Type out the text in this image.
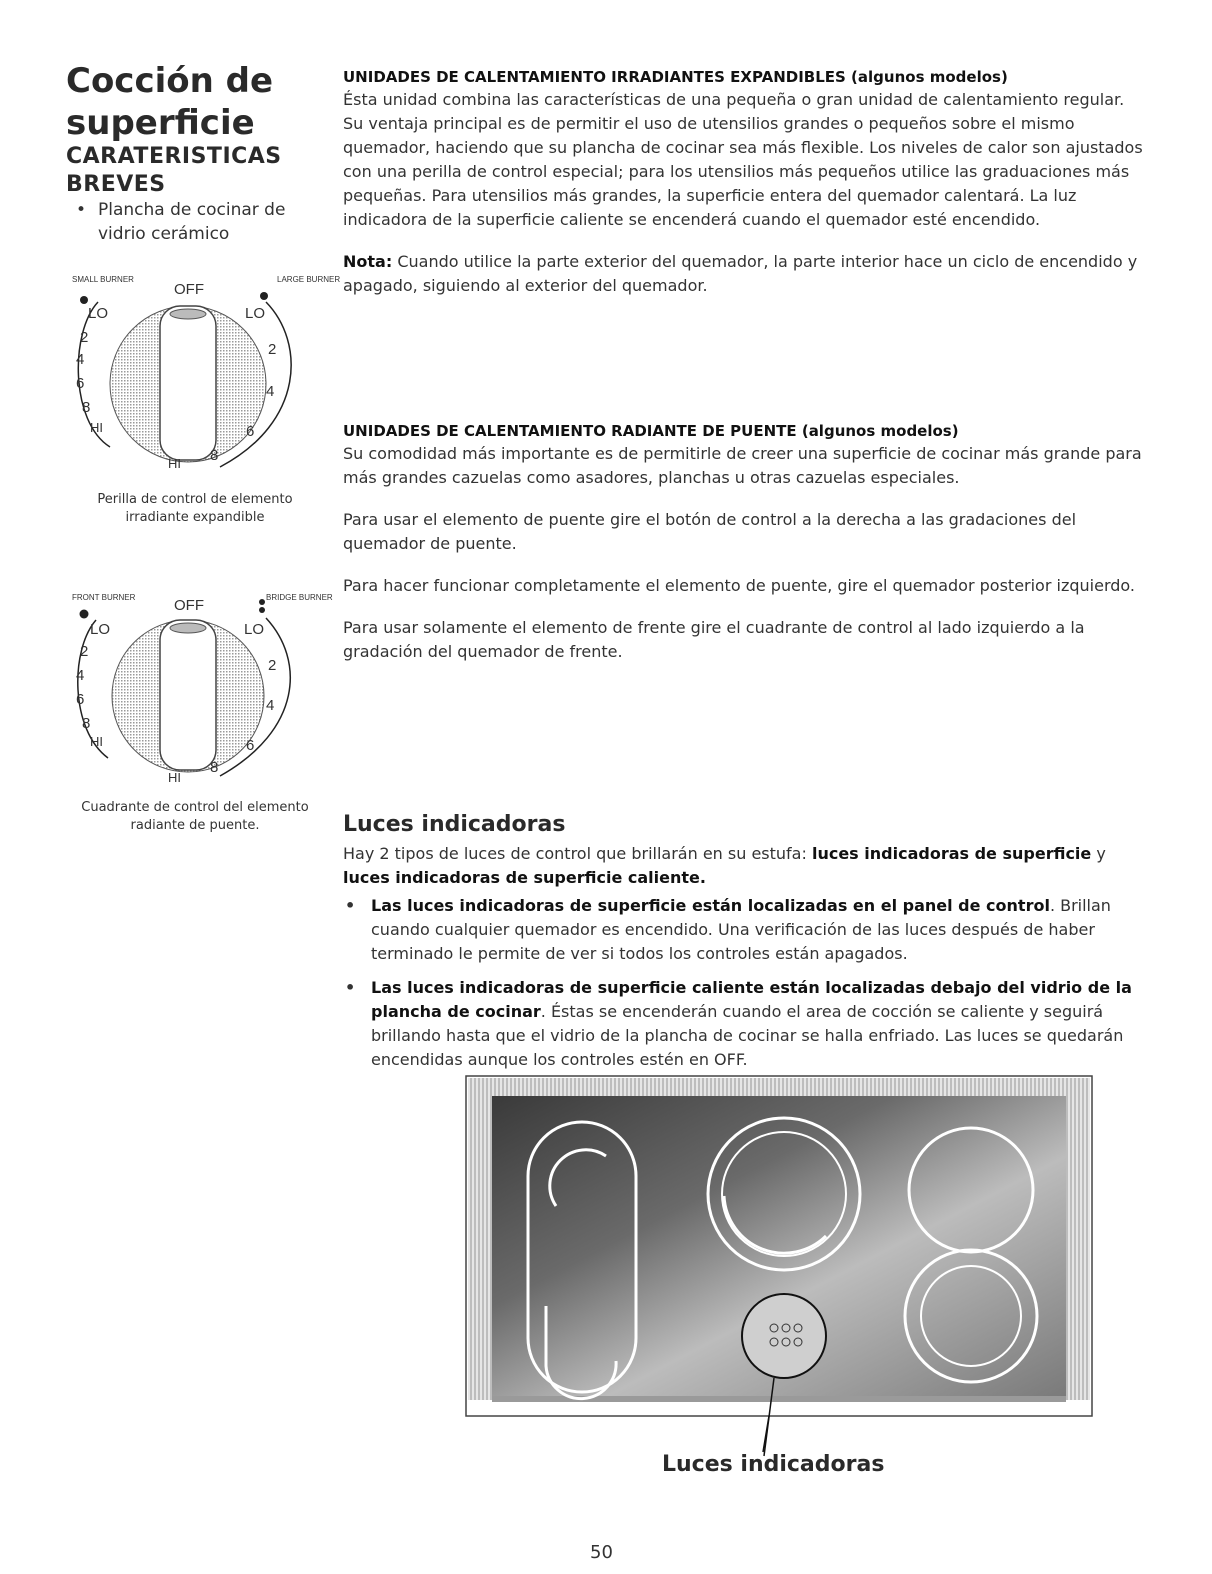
Cocción de superficie
CARATERISTICAS BREVES
• Plancha de cocinar de vidrio cerámico
SMALL BURNER	LARGE BURNER
OFF
LO	LO
2
4
6
8
HI
2
4
6
8
HI
Perilla de control de elemento irradiante expandible
FRONT BURNER	BRIDGE BURNER
OFF
LO	LO
2
4
6
8
HI
2
4
6
8
HI
Cuadrante de control del elemento radiante de puente.
UNIDADES DE CALENTAMIENTO IRRADIANTES EXPANDIBLES (algunos modelos)

Ésta unidad combina las características de una pequeña o gran unidad de calentamiento regular. Su ventaja principal es de permitir el uso de utensilios grandes o pequeños sobre el mismo quemador, haciendo que su plancha de cocinar sea más flexible. Los niveles de calor son ajustados con una perilla de control especial; para los utensilios más pequeños utilice las graduaciones más pequeñas. Para utensilios más grandes, la superficie entera del quemador calentará. La luz indicadora de la superficie caliente se encenderá cuando el quemador esté encendido.

Nota: Cuando utilice la parte exterior del quemador, la parte interior hace un ciclo de encendido y apagado, siguiendo al exterior del quemador.

UNIDADES DE CALENTAMIENTO RADIANTE DE PUENTE (algunos modelos)

Su comodidad más importante es de permitirle de creer una superficie de cocinar más grande para más grandes cazuelas como asadores, planchas u otras cazuelas especiales.

Para usar el elemento de puente gire el botón de control a la derecha a las gradaciones del quemador de puente.

Para hacer funcionar completamente el elemento de puente, gire el quemador posterior izquierdo.

Para usar solamente el elemento de frente gire el cuadrante de control al lado izquierdo a la gradación del quemador de frente.

Luces indicadoras

Hay 2 tipos de luces de control que brillarán en su estufa: luces indicadoras de superficie y luces indicadoras de superficie caliente.

• Las luces indicadoras de superficie están localizadas en el panel de control. Brillan cuando cualquier quemador es encendido. Una verificación de las luces después de haber terminado le permite de ver si todos los controles están apagados.
• Las luces indicadoras de superficie caliente están localizadas debajo del vidrio de la plancha de cocinar. Éstas se encenderán cuando el area de cocción se caliente y seguirá brillando hasta que el vidrio de la plancha de cocinar se halla enfriado. Las luces se quedarán encendidas aunque los controles estén en OFF.
Luces indicadoras
50
